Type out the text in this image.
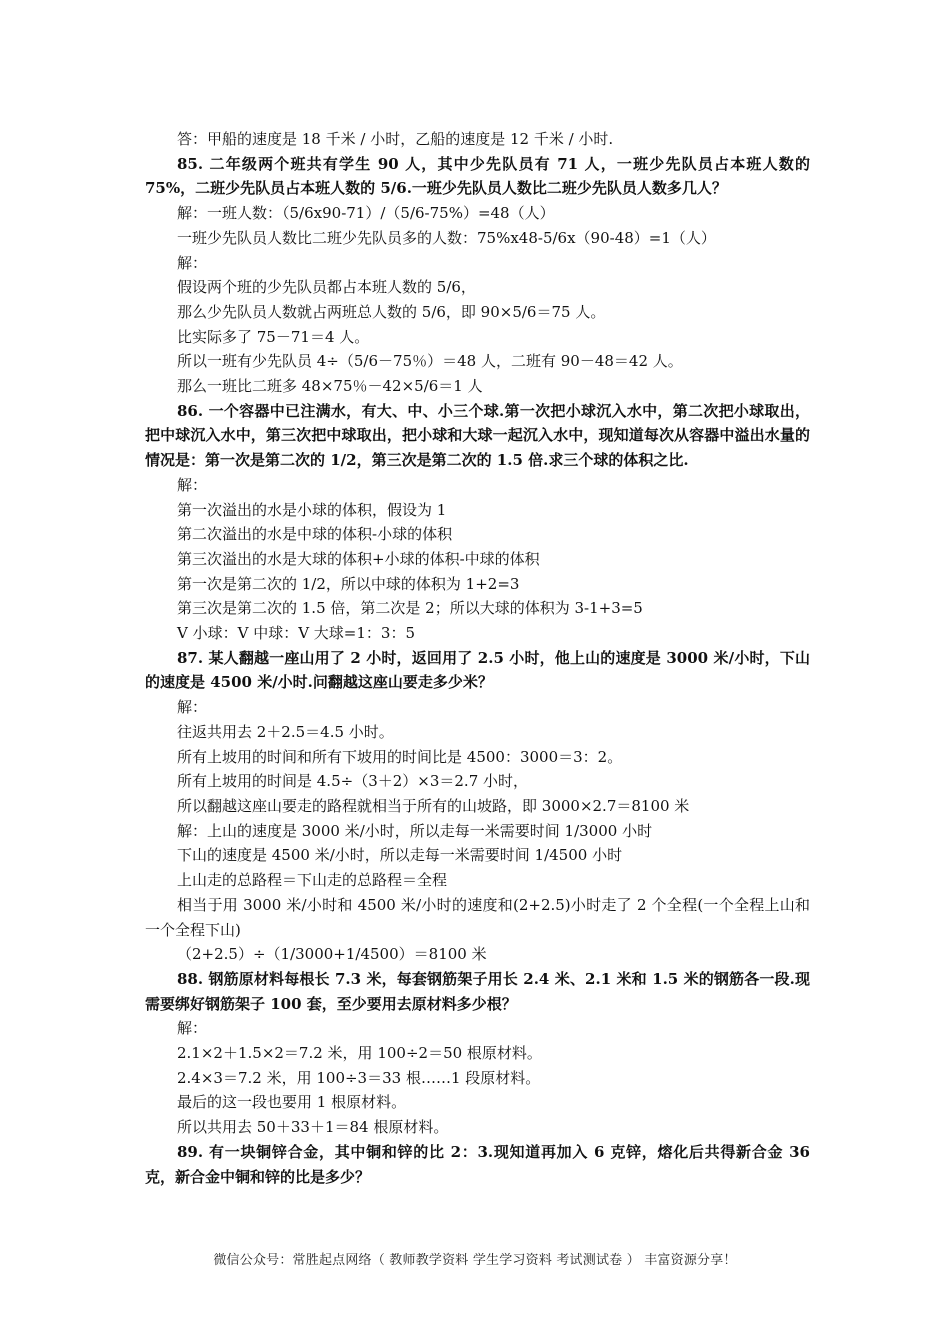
答：甲船的速度是 18 千米 / 小时，乙船的速度是 12 千米 / 小时.
85. 二年级两个班共有学生 90 人，其中少先队员有 71 人，一班少先队员占本班人数的 75%，二班少先队员占本班人数的 5/6.一班少先队员人数比二班少先队员人数多几人？
解：一班人数：（5/6x90-71）/（5/6-75%）=48（人）
一班少先队员人数比二班少先队员多的人数：75%x48-5/6x（90-48）=1（人）
解：
假设两个班的少先队员都占本班人数的 5/6，
那么少先队员人数就占两班总人数的 5/6，即 90×5/6＝75 人。
比实际多了 75－71＝4 人。
所以一班有少先队员 4÷（5/6－75％）＝48 人，二班有 90－48＝42 人。
那么一班比二班多 48×75％－42×5/6＝1 人
86. 一个容器中已注满水，有大、中、小三个球.第一次把小球沉入水中，第二次把小球取出，把中球沉入水中，第三次把中球取出，把小球和大球一起沉入水中，现知道每次从容器中溢出水量的情况是：第一次是第二次的 1/2，第三次是第二次的 1.5 倍.求三个球的体积之比.
解：
第一次溢出的水是小球的体积，假设为 1
第二次溢出的水是中球的体积-小球的体积
第三次溢出的水是大球的体积+小球的体积-中球的体积
第一次是第二次的 1/2，所以中球的体积为 1+2=3
第三次是第二次的 1.5 倍，第二次是 2；所以大球的体积为 3-1+3=5
V 小球：V 中球：V 大球=1：3：5
87. 某人翻越一座山用了 2 小时，返回用了 2.5 小时，他上山的速度是 3000 米/小时，下山的速度是 4500 米/小时.问翻越这座山要走多少米？
解：
往返共用去 2＋2.5＝4.5 小时。
所有上坡用的时间和所有下坡用的时间比是 4500：3000＝3：2。
所有上坡用的时间是 4.5÷（3＋2）×3＝2.7 小时，
所以翻越这座山要走的路程就相当于所有的山坡路，即 3000×2.7＝8100 米
解：上山的速度是 3000 米/小时，所以走每一米需要时间 1/3000 小时
下山的速度是 4500 米/小时，所以走每一米需要时间 1/4500 小时
上山走的总路程＝下山走的总路程＝全程
相当于用 3000 米/小时和 4500 米/小时的速度和(2+2.5)小时走了 2 个全程(一个全程上山和一个全程下山)
（2+2.5）÷（1/3000+1/4500）＝8100 米
88. 钢筋原材料每根长 7.3 米，每套钢筋架子用长 2.4 米、2.1 米和 1.5 米的钢筋各一段.现需要绑好钢筋架子 100 套，至少要用去原材料多少根？
解：
2.1×2＋1.5×2＝7.2 米，用 100÷2＝50 根原材料。
2.4×3＝7.2 米，用 100÷3＝33 根……1 段原材料。
最后的这一段也要用 1 根原材料。
所以共用去 50＋33＋1＝84 根原材料。
89. 有一块铜锌合金，其中铜和锌的比 2：3.现知道再加入 6 克锌，熔化后共得新合金 36 克，新合金中铜和锌的比是多少？
微信公众号：常胜起点网络（ 教师教学资料 学生学习资料 考试测试卷 ） 丰富资源分享！
